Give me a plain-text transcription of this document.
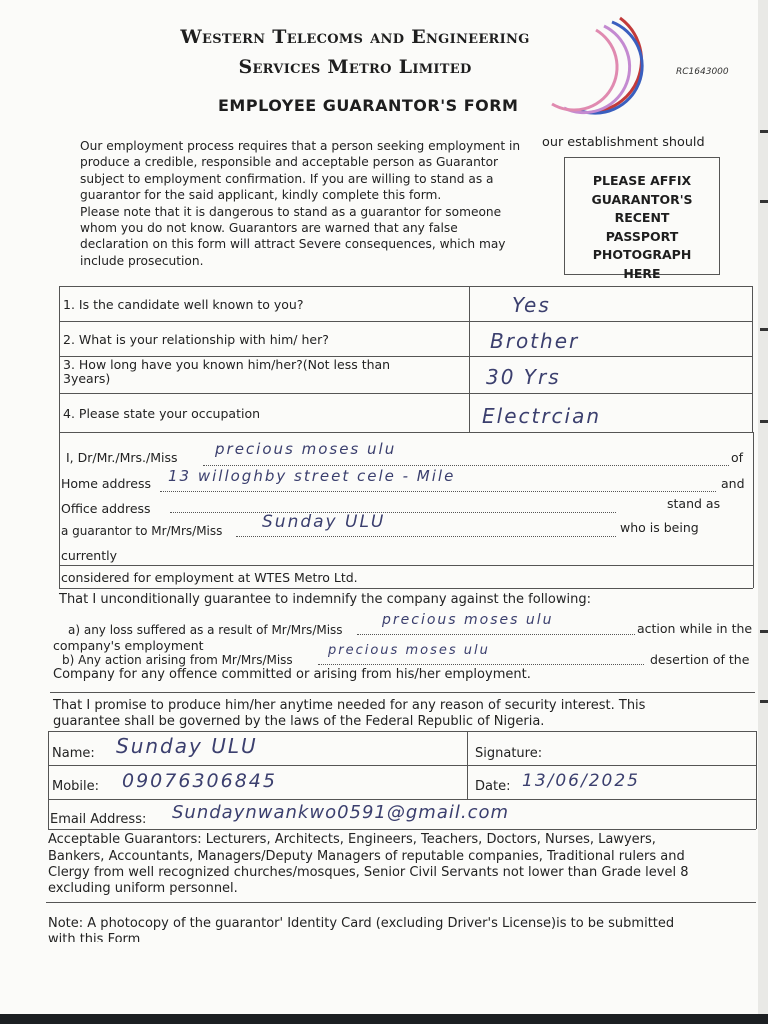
Western Telecoms and Engineering
Services Metro Limited	RC1643000
EMPLOYEE GUARANTOR'S FORM

Our employment process requires that a person seeking employment in

produce a credible, responsible and acceptable person as Guarantor

subject to employment confirmation. If you are willing to stand as a

guarantor for the said applicant, kindly complete this form.

Please note that it is dangerous to stand as a guarantor for someone

whom you do not know. Guarantors are warned that any false

declaration on this form will attract Severe consequences, which may

include prosecution.

our establishment should
PLEASE AFFIX
GUARANTOR'S
RECENT
PASSPORT
PHOTOGRAPH
HERE
1. Is the candidate well known to you?	Yes
2. What is your relationship with him/ her?	Brother
3. How long have you known him/her?(Not less than
3years)	30 Yrs
4. Please state your occupation	Electrcian
I, Dr/Mr./Mrs./Miss	precious moses ulu	of
Home address 13 willoghby street cele - Mile	and
Office address	stand as
a guarantor to Mr/Mrs/Miss Sunday ULU	who is being
currently
considered for employment at WTES Metro Ltd.
That I unconditionally guarantee to indemnify the company against the following:
a) any loss suffered as a result of Mr/Mrs/Miss
precious moses ulu
action while in the
company's employment
b) Any action arising from Mr/Mrs/Miss
precious moses ulu
desertion of the
Company for any offence committed or arising from his/her employment.
That I promise to produce him/her anytime needed for any reason of security interest. This
guarantee shall be governed by the laws of the Federal Republic of Nigeria.
Name: Sunday ULU	Signature:
Mobile: 09076306845	Date: 13/06/2025
Email Address: Sundaynwankwo0591@gmail.com
Acceptable Guarantors: Lecturers, Architects, Engineers, Teachers, Doctors, Nurses, Lawyers,
Bankers, Accountants, Managers/Deputy Managers of reputable companies, Traditional rulers and
Clergy from well recognized churches/mosques, Senior Civil Servants not lower than Grade level 8
excluding uniform personnel.
Note: A photocopy of the guarantor' Identity Card (excluding Driver's License)is to be submitted
with this Form
